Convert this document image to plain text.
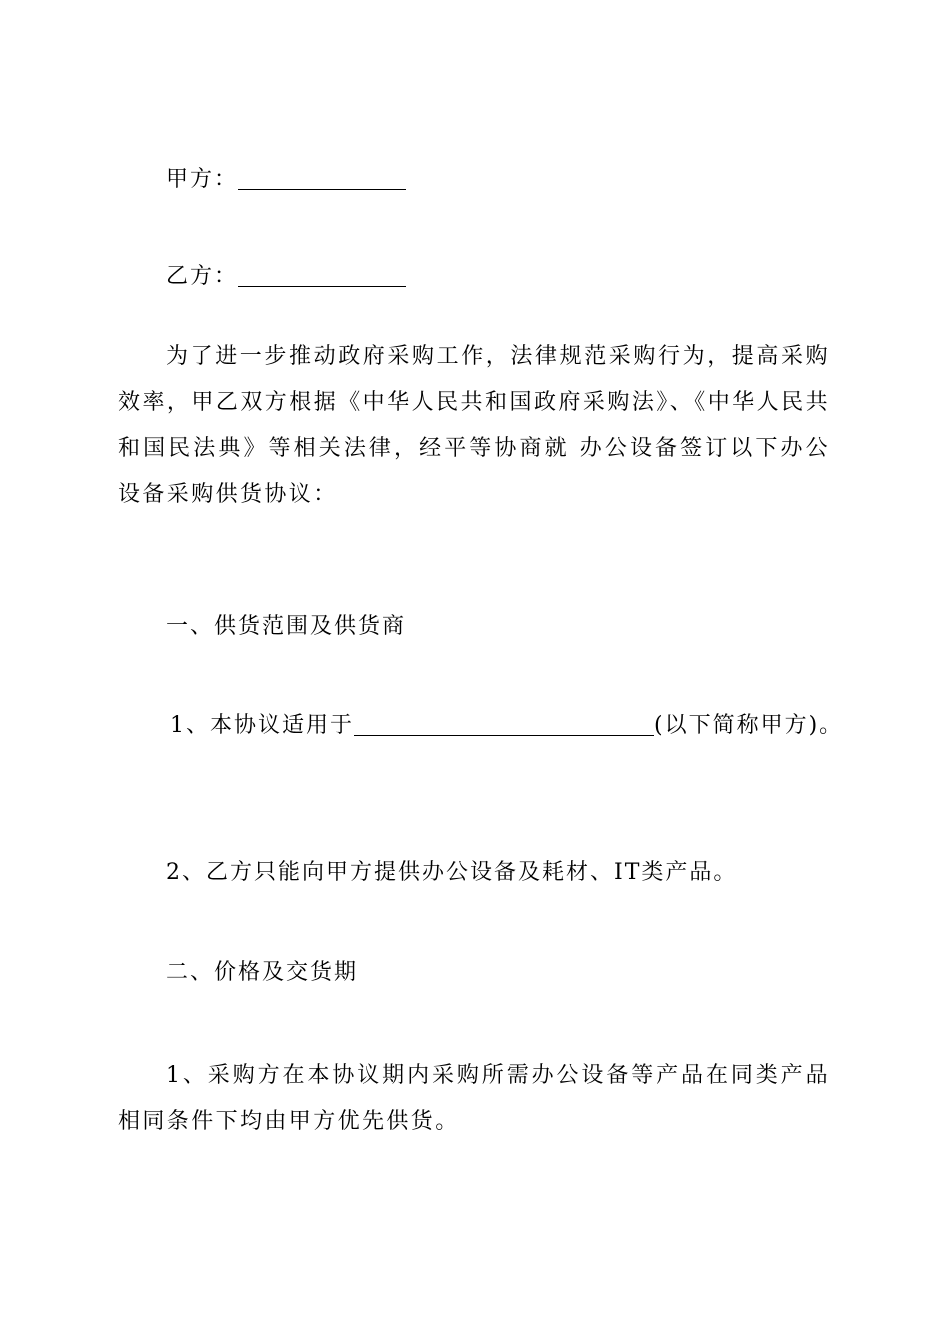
甲方：
乙方：

为了进一步推动政府采购工作，法律规范采购行为，提高采购效率，甲乙双方根据《中华人民共和国政府采购法》、《中华人民共和国民法典》等相关法律，经平等协商就 办公设备签订以下办公设备采购供货协议：

一、供货范围及供货商
1、本协议适用于	(以下简称甲方)。
2、乙方只能向甲方提供办公设备及耗材、IT类产品。
二、价格及交货期

1、采购方在本协议期内采购所需办公设备等产品在同类产品相同条件下均由甲方优先供货。
